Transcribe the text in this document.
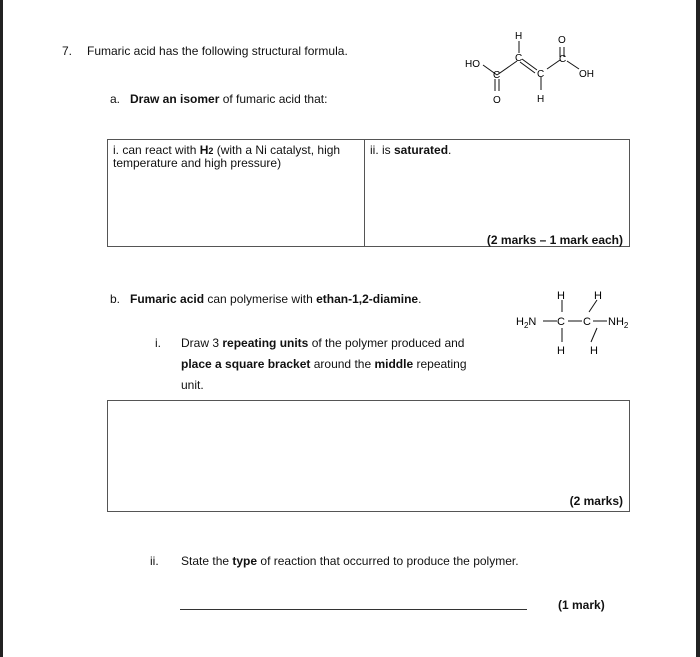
7. Fumaric acid has the following structural formula.
HO
C
O
C
H
C
H
C
O
OH
a. Draw an isomer of fumaric acid that:
i. can react with H2 (with a Ni catalyst, high
temperature and high pressure)
ii. is saturated.
(2 marks – 1 mark each)
b. Fumaric acid can polymerise with ethan-1,2-diamine.	H	H
$H_2N$ C C $NH_2$
H H
i. Draw 3 repeating units of the polymer produced and
place a square bracket around the middle repeating
unit.
(2 marks)
ii. State the type of reaction that occurred to produce the polymer.
(1 mark)
